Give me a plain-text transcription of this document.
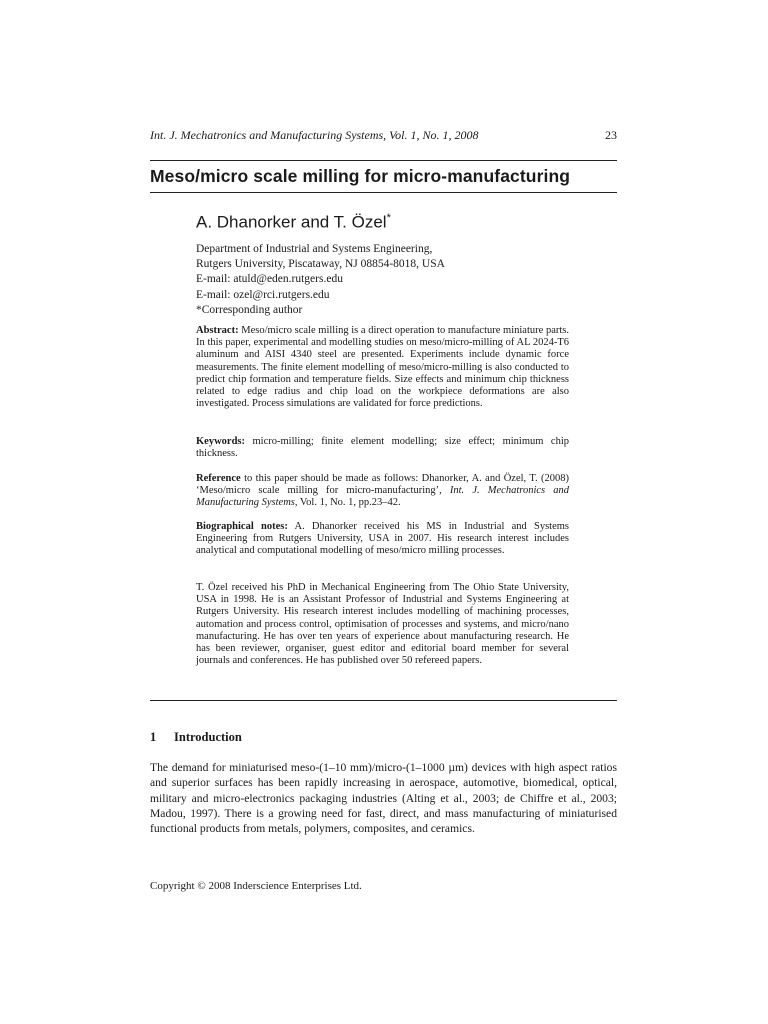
Int. J. Mechatronics and Manufacturing Systems, Vol. 1, No. 1, 2008	23
Meso/micro scale milling for micro-manufacturing
A. Dhanorker and T. Özel*
Department of Industrial and Systems Engineering,
Rutgers University, Piscataway, NJ 08854-8018, USA
E-mail: atuld@eden.rutgers.edu
E-mail: ozel@rci.rutgers.edu
*Corresponding author
Abstract: Meso/micro scale milling is a direct operation to manufacture miniature parts. In this paper, experimental and modelling studies on meso/micro-milling of AL 2024-T6 aluminum and AISI 4340 steel are presented. Experiments include dynamic force measurements. The finite element modelling of meso/micro-milling is also conducted to predict chip formation and temperature fields. Size effects and minimum chip thickness related to edge radius and chip load on the workpiece deformations are also investigated. Process simulations are validated for force predictions.
Keywords: micro-milling; finite element modelling; size effect; minimum chip thickness.
Reference to this paper should be made as follows: Dhanorker, A. and Özel, T. (2008) ‘Meso/micro scale milling for micro-manufacturing’, Int. J. Mechatronics and Manufacturing Systems, Vol. 1, No. 1, pp.23–42.
Biographical notes: A. Dhanorker received his MS in Industrial and Systems Engineering from Rutgers University, USA in 2007. His research interest includes analytical and computational modelling of meso/micro milling processes.
T. Özel received his PhD in Mechanical Engineering from The Ohio State University, USA in 1998. He is an Assistant Professor of Industrial and Systems Engineering at Rutgers University. His research interest includes modelling of machining processes, automation and process control, optimisation of processes and systems, and micro/nano manufacturing. He has over ten years of experience about manufacturing research. He has been reviewer, organiser, guest editor and editorial board member for several journals and conferences. He has published over 50 refereed papers.
1 Introduction
The demand for miniaturised meso-(1–10 mm)/micro-(1–1000 µm) devices with high aspect ratios and superior surfaces has been rapidly increasing in aerospace, automotive, biomedical, optical, military and micro-electronics packaging industries (Alting et al., 2003; de Chiffre et al., 2003; Madou, 1997). There is a growing need for fast, direct, and mass manufacturing of miniaturised functional products from metals, polymers, composites, and ceramics.
Copyright © 2008 Inderscience Enterprises Ltd.
